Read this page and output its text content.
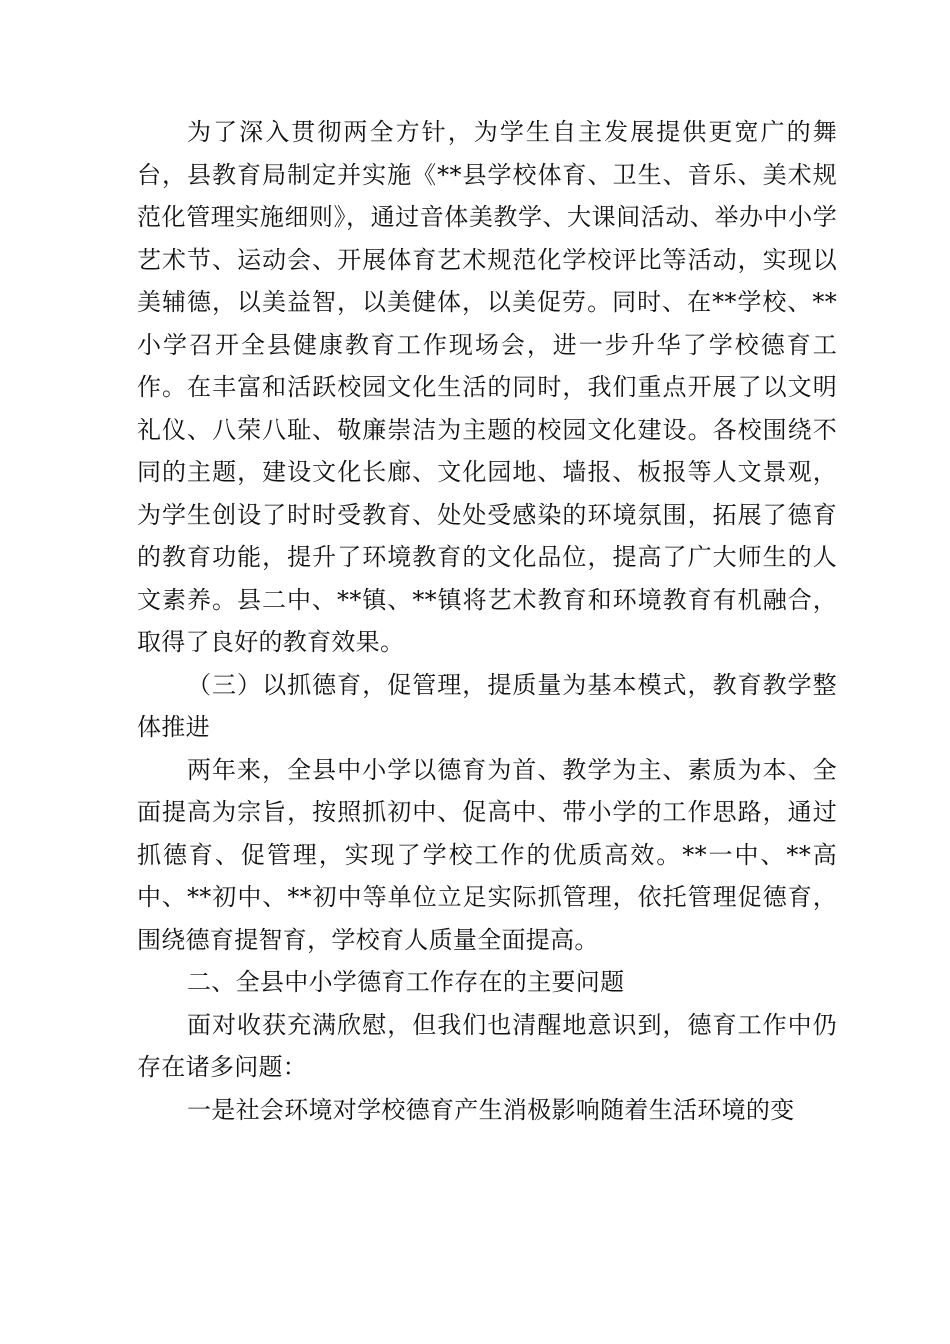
为了深入贯彻两全方针，为学生自主发展提供更宽广的舞台，县教育局制定并实施《**县学校体育、卫生、音乐、美术规范化管理实施细则》，通过音体美教学、大课间活动、举办中小学艺术节、运动会、开展体育艺术规范化学校评比等活动，实现以美辅德，以美益智，以美健体，以美促劳。同时、在**学校、**小学召开全县健康教育工作现场会，进一步升华了学校德育工作。在丰富和活跃校园文化生活的同时，我们重点开展了以文明礼仪、八荣八耻、敬廉崇洁为主题的校园文化建设。各校围绕不同的主题，建设文化长廊、文化园地、墙报、板报等人文景观，为学生创设了时时受教育、处处受感染的环境氛围，拓展了德育的教育功能，提升了环境教育的文化品位，提高了广大师生的人文素养。县二中、**镇、**镇将艺术教育和环境教育有机融合，取得了良好的教育效果。

（三）以抓德育，促管理，提质量为基本模式，教育教学整体推进

两年来，全县中小学以德育为首、教学为主、素质为本、全面提高为宗旨，按照抓初中、促高中、带小学的工作思路，通过抓德育、促管理，实现了学校工作的优质高效。**一中、**高中、**初中、**初中等单位立足实际抓管理，依托管理促德育，围绕德育提智育，学校育人质量全面提高。

二、全县中小学德育工作存在的主要问题

面对收获充满欣慰，但我们也清醒地意识到，德育工作中仍存在诸多问题：

一是社会环境对学校德育产生消极影响随着生活环境的变
